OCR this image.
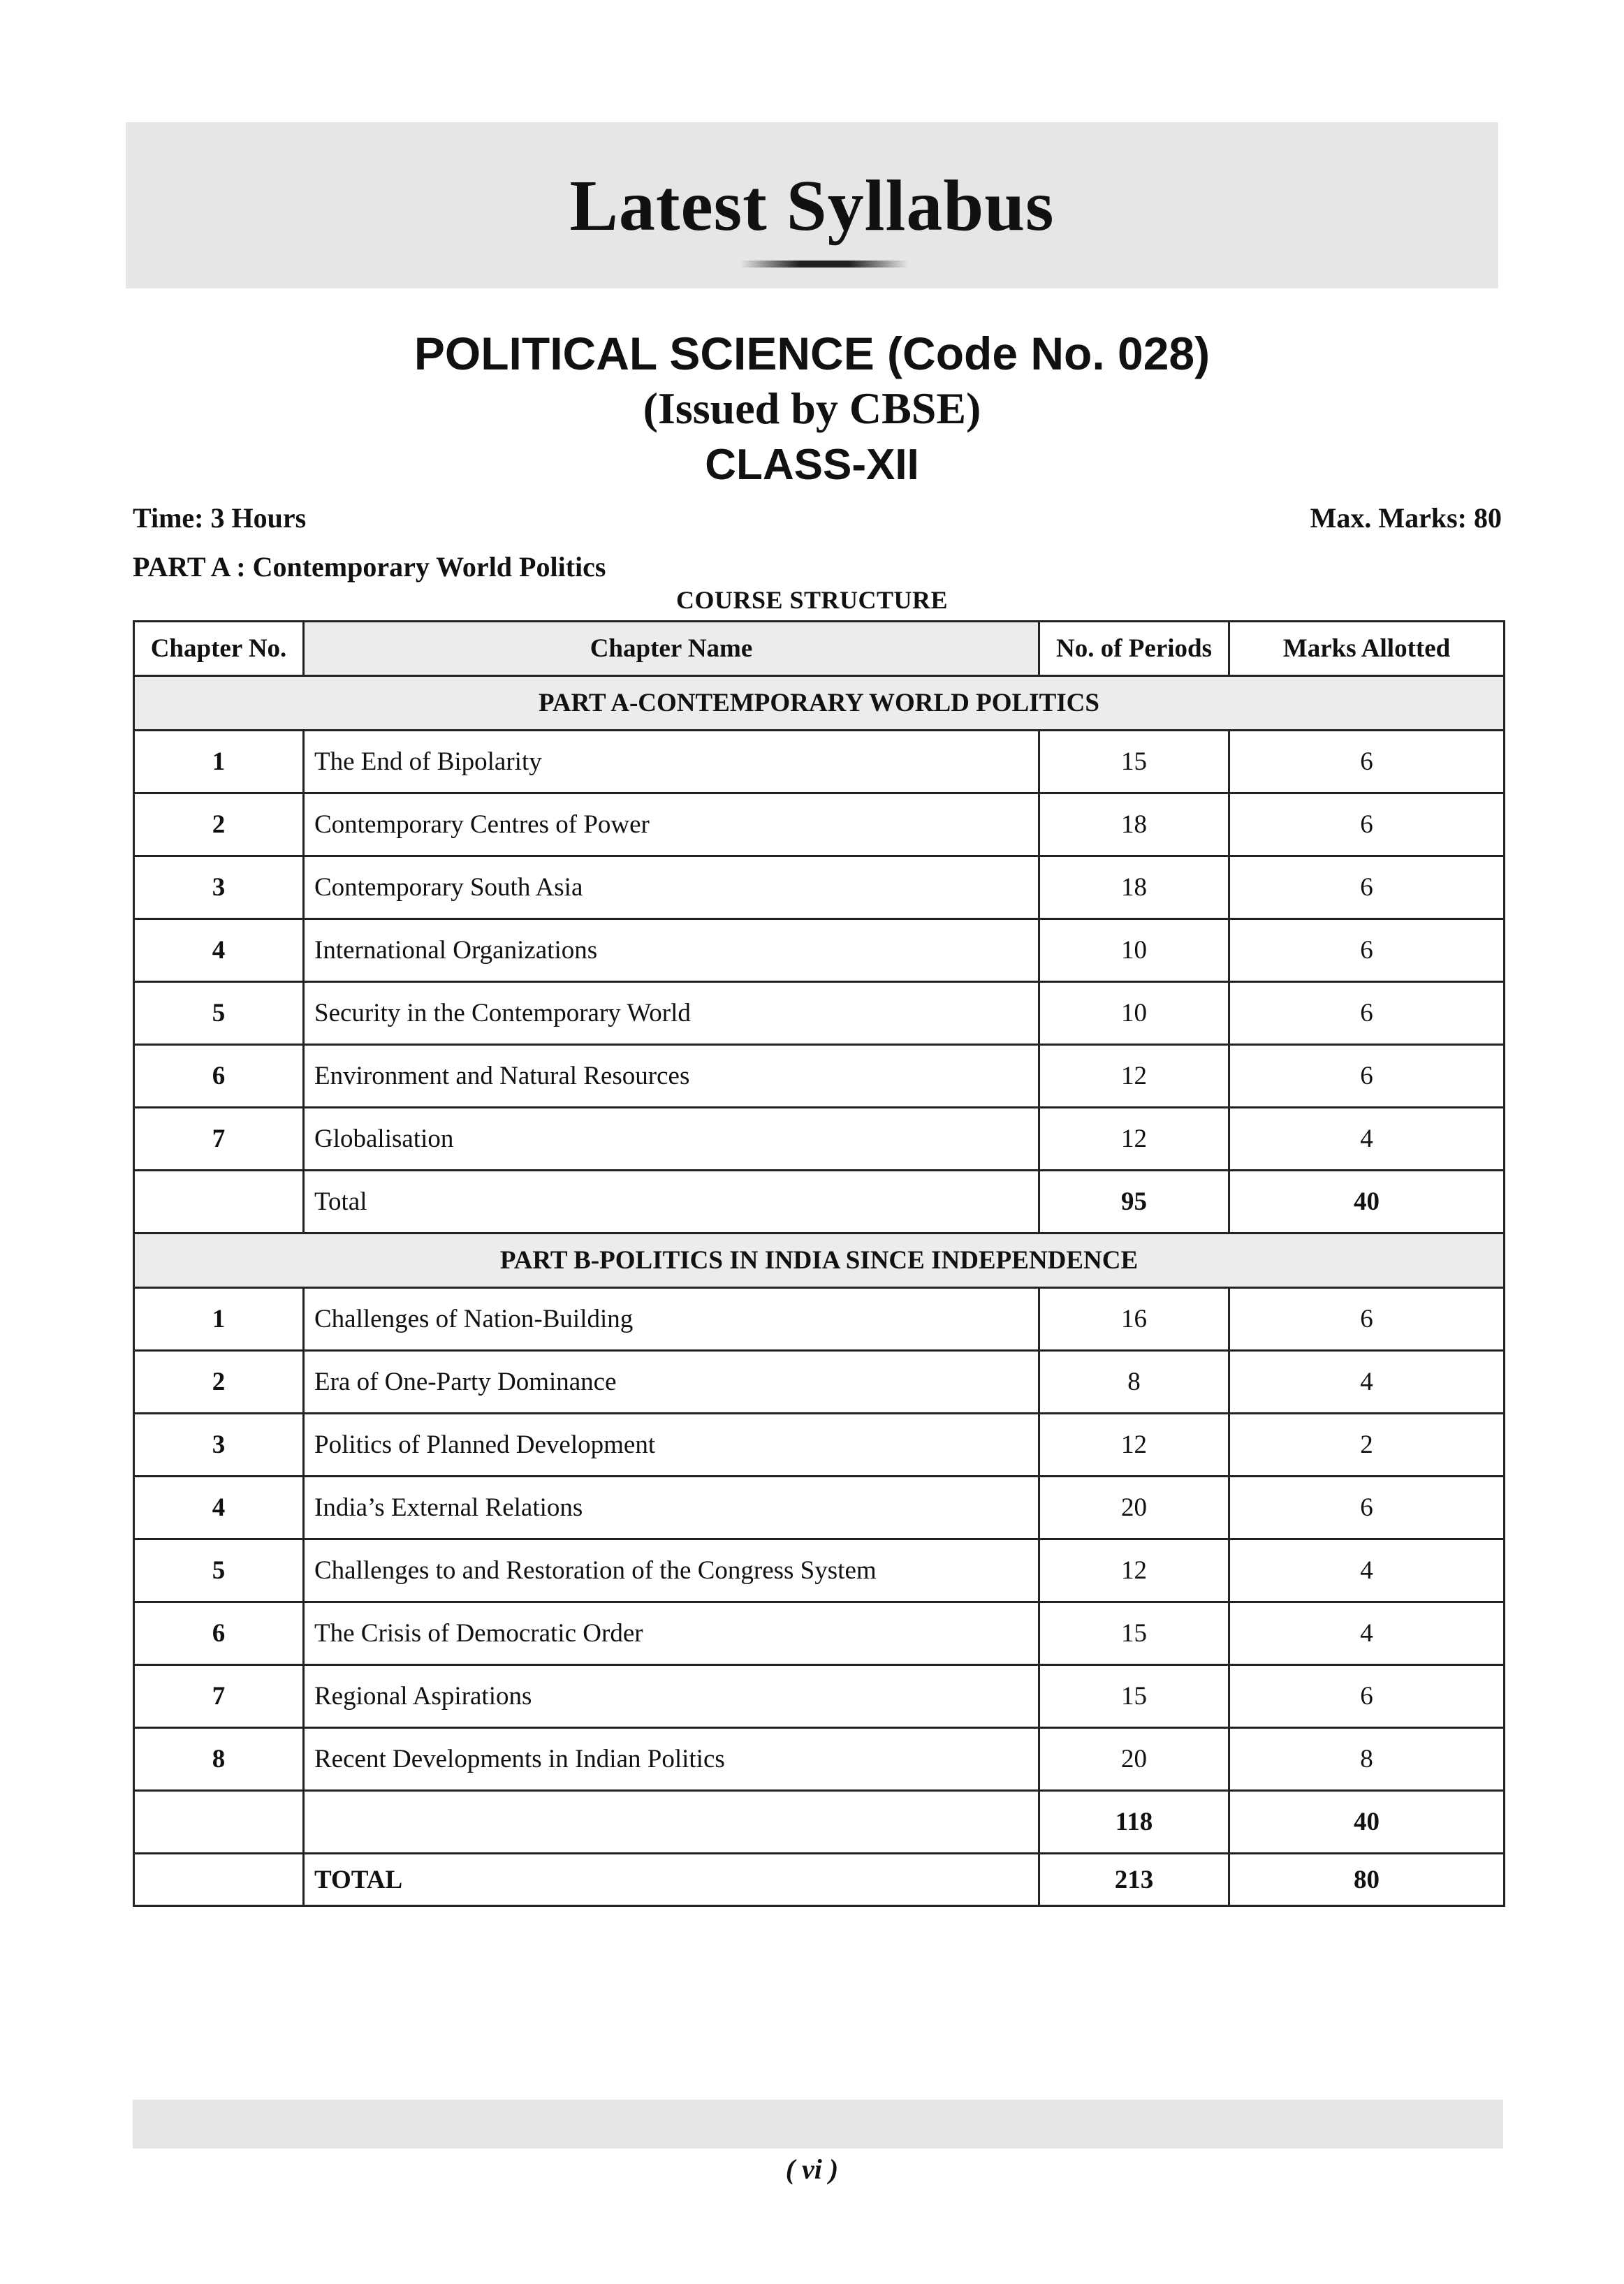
Latest Syllabus
POLITICAL SCIENCE (Code No. 028)
(Issued by CBSE)
CLASS-XII
Time: 3 Hours	Max. Marks: 80
PART A : Contemporary World Politics
COURSE STRUCTURE
Chapter No.	Chapter Name	No. of Periods	Marks Allotted
PART A-CONTEMPORARY WORLD POLITICS			
1	The End of Bipolarity	15	6
2	Contemporary Centres of Power	18	6
3	Contemporary South Asia	18	6
4	International Organizations	10	6
5	Security in the Contemporary World	10	6
6	Environment and Natural Resources	12	6
7	Globalisation	12	4
	Total	95	40
PART B-POLITICS IN INDIA SINCE INDEPENDENCE			
1	Challenges of Nation-Building	16	6
2	Era of One-Party Dominance	8	4
3	Politics of Planned Development	12	2
4	India’s External Relations	20	6
5	Challenges to and Restoration of the Congress System	12	4
6	The Crisis of Democratic Order	15	4
7	Regional Aspirations	15	6
8	Recent Developments in Indian Politics	20	8
		118	40
	TOTAL	213	80
( vi )
